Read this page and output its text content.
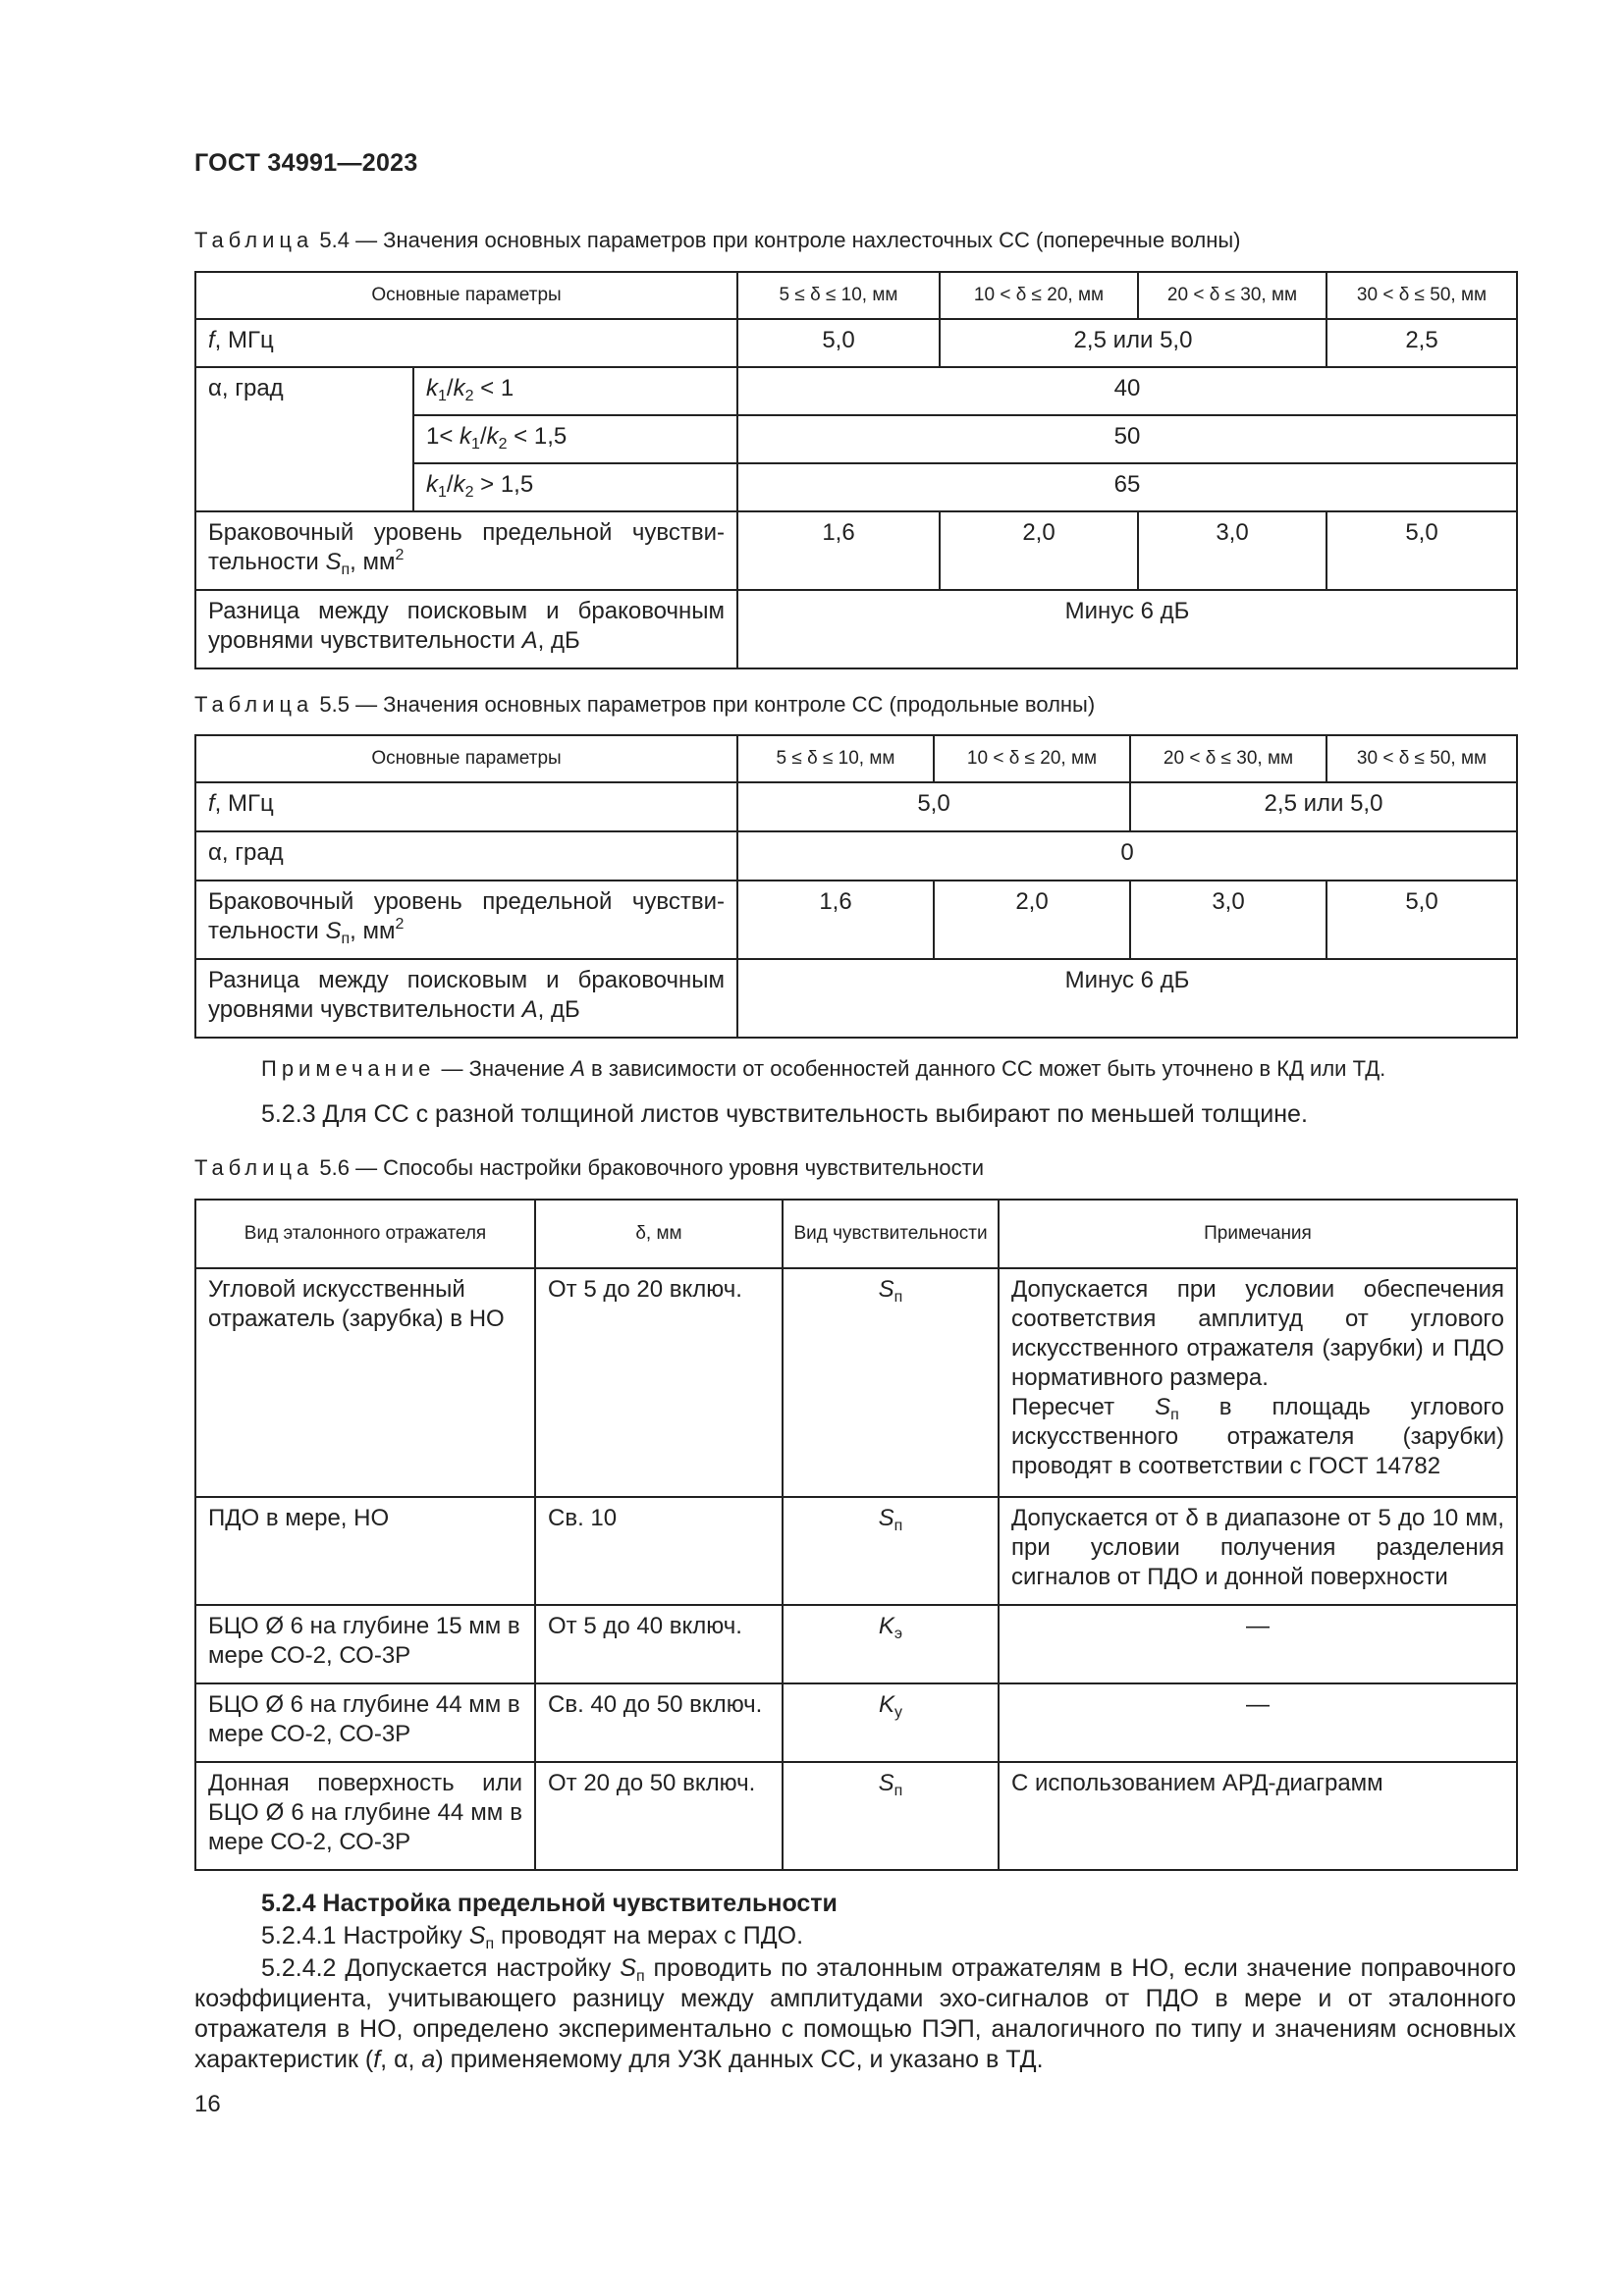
ГОСТ 34991—2023
Таблица 5.4 — Значения основных параметров при контроле нахлесточных СС (поперечные волны)
Основные параметры		5 ≤ δ ≤ 10, мм	10 < δ ≤ 20, мм	20 < δ ≤ 30, мм	30 < δ ≤ 50, мм
f, МГц		5,0	2,5 или 5,0		2,5
α, град	$k_1/k_2 < 1$	40			
	$1< k_1/k_2 < 1,5$	50			
	$k_1/k_2 > 1,5$	65			
Браковочный уровень предельной чувстви-тельности $S_п$, $мм^2$		1,6	2,0	3,0	5,0
Разница между поисковым и браковочным уровнями чувствительности A, дБ		Минус 6 дБ			
Таблица 5.5 — Значения основных параметров при контроле СС (продольные волны)
Основные параметры	5 ≤ δ ≤ 10, мм	10 < δ ≤ 20, мм	20 < δ ≤ 30, мм	30 < δ ≤ 50, мм
f, МГц	5,0		2,5 или 5,0	
α, град	0			
Браковочный уровень предельной чувстви-тельности $S_п$, $мм^2$	1,6	2,0	3,0	5,0
Разница между поисковым и браковочным уровнями чувствительности A, дБ	Минус 6 дБ			
Примечание — Значение A в зависимости от особенностей данного СС может быть уточнено в КД или ТД.
5.2.3 Для СС с разной толщиной листов чувствительность выбирают по меньшей толщине.
Таблица 5.6 — Способы настройки браковочного уровня чувствительности
Вид эталонного отражателя	δ, мм	Вид чувствительности	Примечания
Угловой искусственный отражатель (зарубка) в НО	От 5 до 20 включ.	$S_п$	Допускается при условии обеспечения соответствия амплитуд от углового искусственного отражателя (зарубки) и ПДО нормативного размера.
Пересчет $S_п$ в площадь углового искусственного отражателя (зарубки) проводят в соответствии с ГОСТ 14782

ПДО в мере, НО	Св. 10	$S_п$	Допускается от δ в диапазоне от 5 до 10 мм, при условии получения разделения сигналов от ПДО и донной поверхности
БЦО Ø 6 на глубине 15 мм в мере СО-2, СО-3Р	От 5 до 40 включ.	$K_э$	—
БЦО Ø 6 на глубине 44 мм в мере СО-2, СО-3Р	Св. 40 до 50 включ.	$K_у$	—
Донная поверхность или БЦО Ø 6 на глубине 44 мм в мере СО-2, СО-3Р	От 20 до 50 включ.	$S_п$	С использованием АРД-диаграмм
5.2.4 Настройка предельной чувствительности
5.2.4.1 Настройку $S_п$ проводят на мерах с ПДО.
5.2.4.2 Допускается настройку $S_п$ проводить по эталонным отражателям в НО, если значение поправочного коэффициента, учитывающего разницу между амплитудами эхо-сигналов от ПДО в мере и от эталонного отражателя в НО, определено экспериментально с помощью ПЭП, аналогичного по типу и значениям основных характеристик (f, α, a) применяемому для УЗК данных СС, и указано в ТД.
16
